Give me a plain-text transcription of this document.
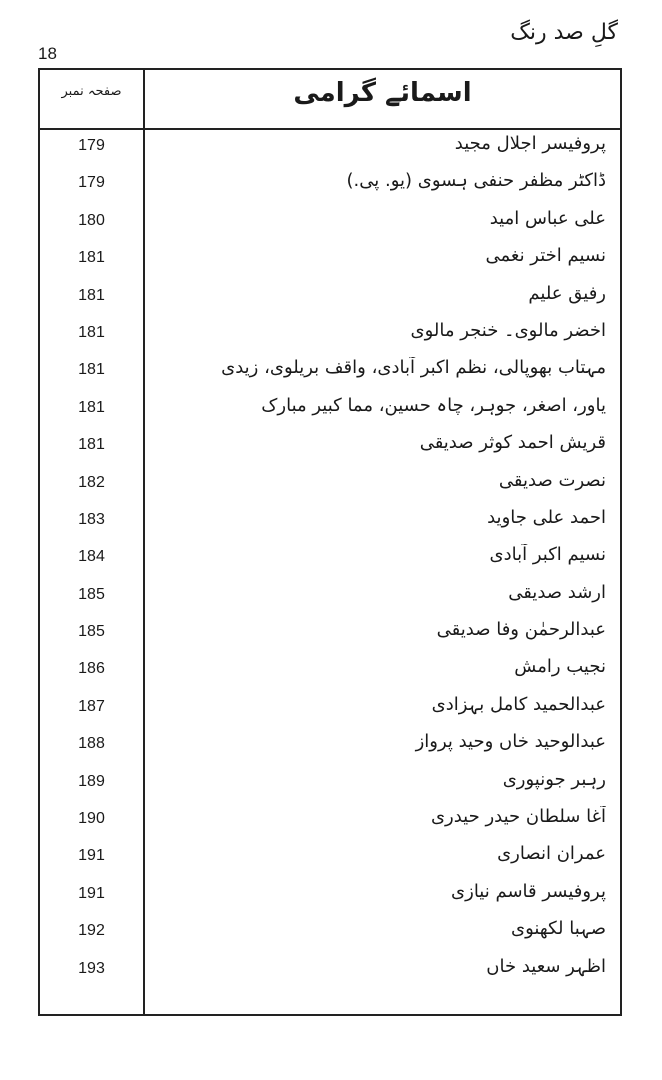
گلِ صد رنگ
18
صفحہ نمبر	اسمائے گرامی
پروفیسر اجلال مجید
179
ڈاکٹر مظفر حنفی ہسوی (یو. پی.)
179
علی عباس امید
180
نسیم اختر نغمی
181
رفیق علیم
181
اخضر مالوی۔ خنجر مالوی
181
مہتاب بھوپالی، نظم اکبر آبادی، واقف بریلوی، زیدی
181
یاور، اصغر، جوہر، چاہ حسین، مما کبیر مبارک
181
قریش احمد کوثر صدیقی
181
نصرت صدیقی
182
احمد علی جاوید
183
نسیم اکبر آبادی
184
ارشد صدیقی
185
عبدالرحمٰن وفا صدیقی
185
نجیب رامش
186
عبدالحمید کامل بہزادی
187
عبدالوحید خاں وحید پرواز
188
رہبر جونپوری
189
آغا سلطان حیدر حیدری
190
عمران انصاری
191
پروفیسر قاسم نیازی
191
صہبا لکھنوی
192
اظہر سعید خاں
193
